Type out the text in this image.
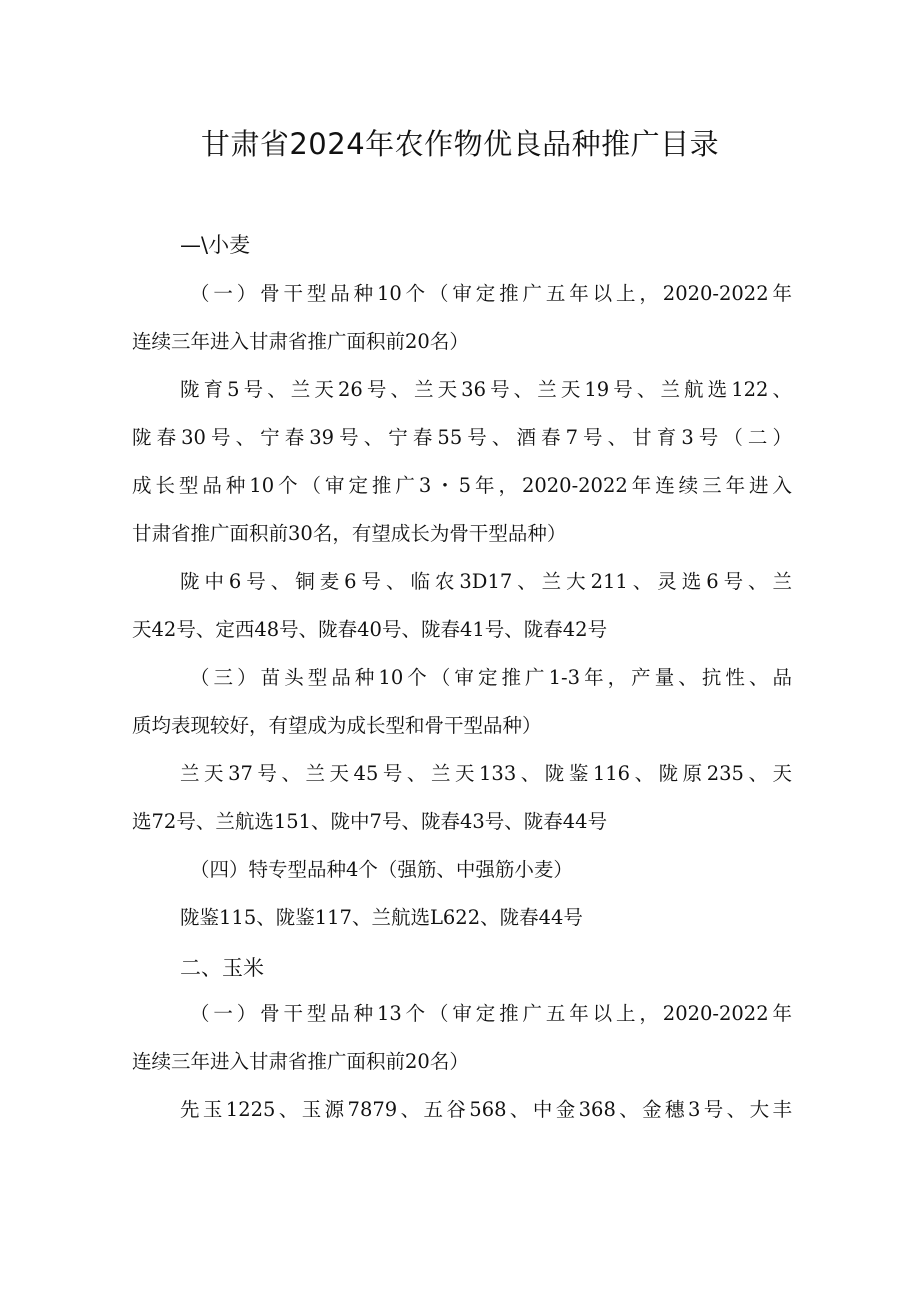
甘肃省2024年农作物优良品种推广目录
—\小麦
（一）骨干型品种10个（审定推广五年以上，2020-2022年
连续三年进入甘肃省推广面积前20名）
陇育5号、兰天26号、兰天36号、兰天19号、兰航选122、
陇春30号、宁春39号、宁春55号、酒春7号、甘育3号（二）
成长型品种10个（审定推广3・5年，2020-2022年连续三年进入
甘肃省推广面积前30名，有望成长为骨干型品种）
陇中6号、铜麦6号、临农3D17、兰大211、灵选6号、兰
天42号、定西48号、陇春40号、陇春41号、陇春42号
（三）苗头型品种10个（审定推广1-3年，产量、抗性、品
质均表现较好，有望成为成长型和骨干型品种）
兰天37号、兰天45号、兰天133、陇鉴116、陇原235、天
选72号、兰航选151、陇中7号、陇春43号、陇春44号
（四）特专型品种4个（强筋、中强筋小麦）
陇鉴115、陇鉴117、兰航选L622、陇春44号
二、玉米
（一）骨干型品种13个（审定推广五年以上，2020-2022年
连续三年进入甘肃省推广面积前20名）
先玉1225、玉源7879、五谷568、中金368、金穗3号、大丰
